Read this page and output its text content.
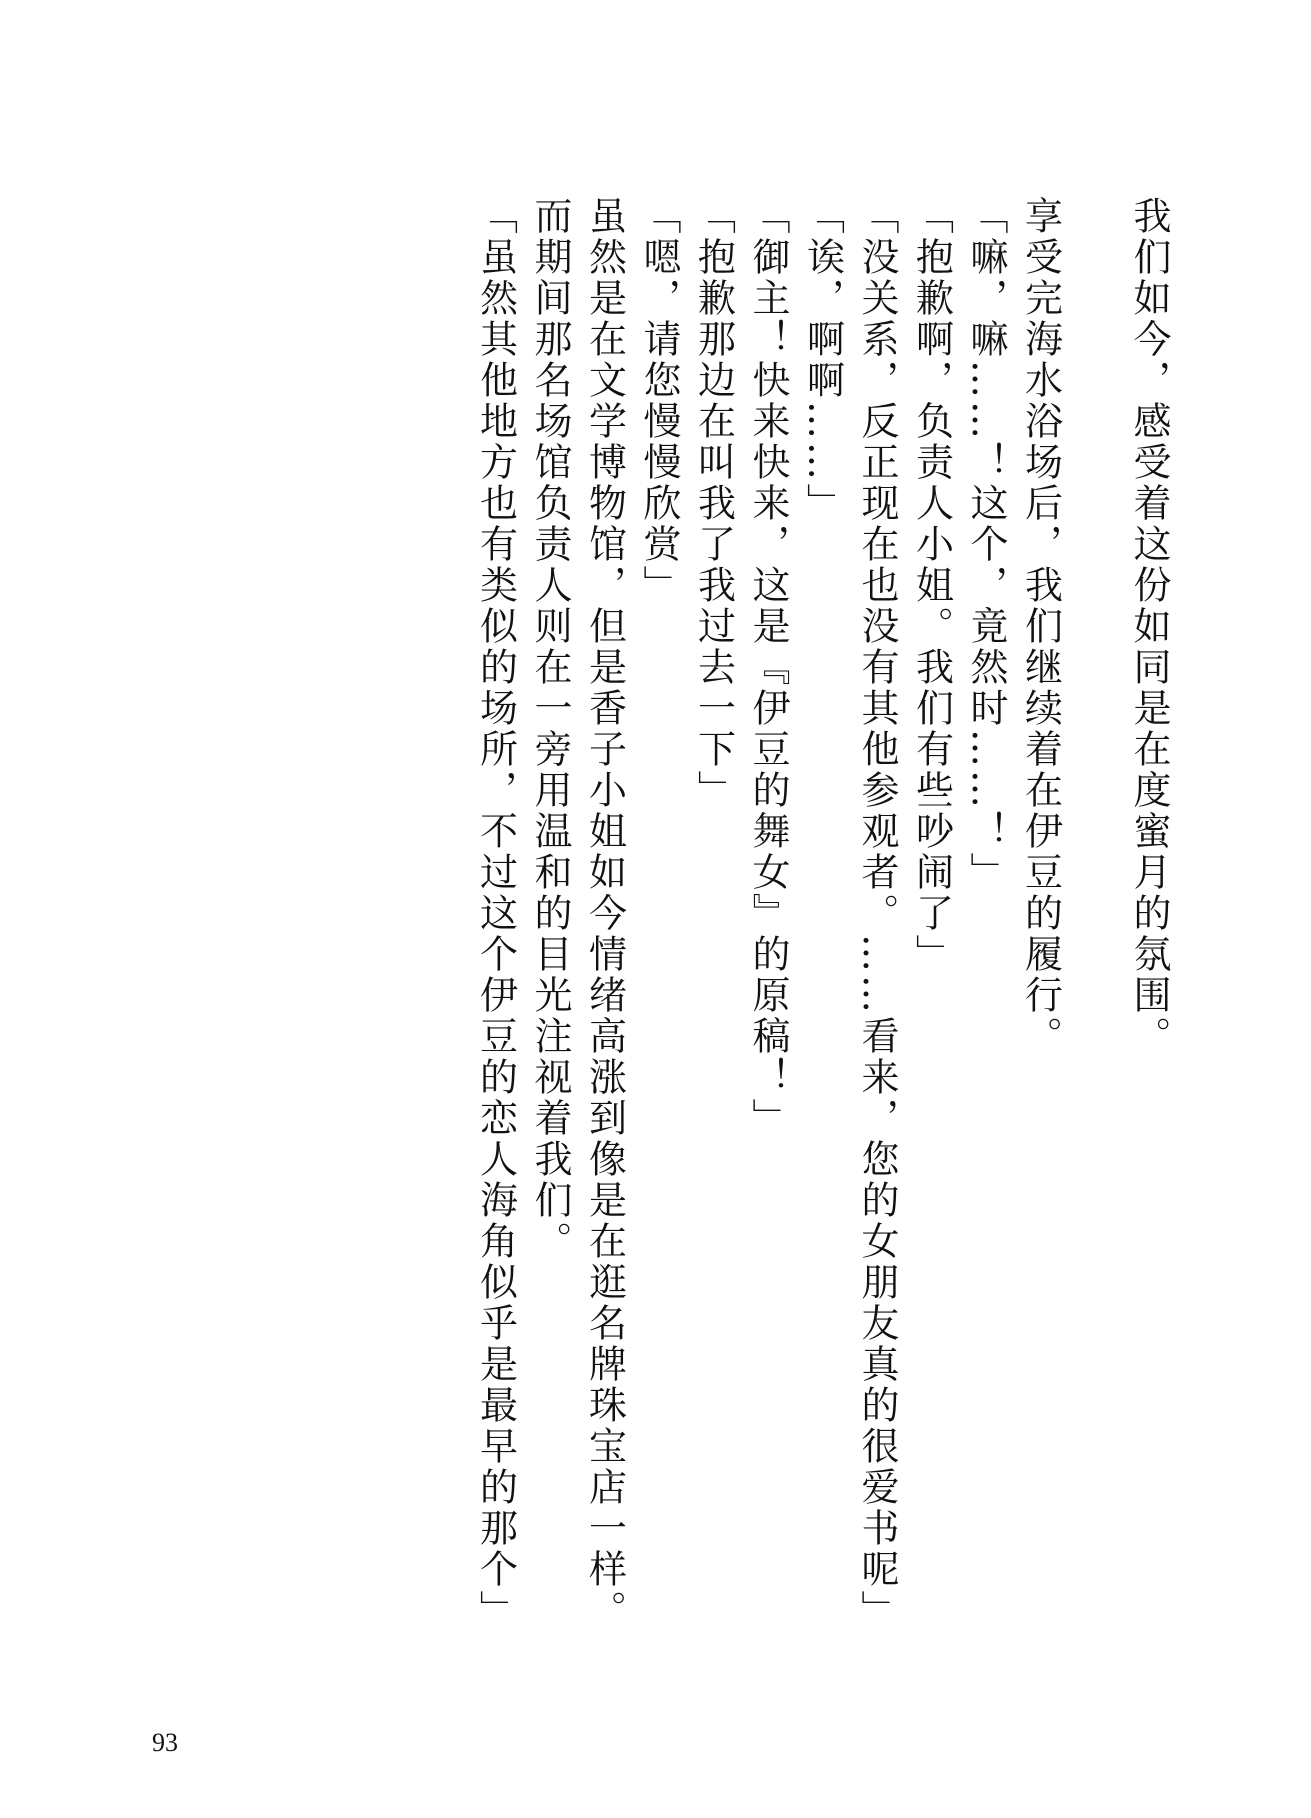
我们如今，感受着这份如同是在度蜜月的氛围。
享受完海水浴场后，我们继续着在伊豆的履行。
「嘛，嘛……！这个，竟然时……！」
「抱歉啊，负责人小姐。我们有些吵闹了」
「没关系，反正现在也没有其他参观者。……看来，您的女朋友真的很爱书呢」
「诶，啊啊……」
「御主！快来快来，这是『伊豆的舞女』的原稿！」
「抱歉那边在叫我了我过去一下」
「嗯，请您慢慢欣赏」
虽然是在文学博物馆，但是香子小姐如今情绪高涨到像是在逛名牌珠宝店一样。
而期间那名场馆负责人则在一旁用温和的目光注视着我们。
「虽然其他地方也有类似的场所，不过这个伊豆的恋人海角似乎是最早的那个」
93
